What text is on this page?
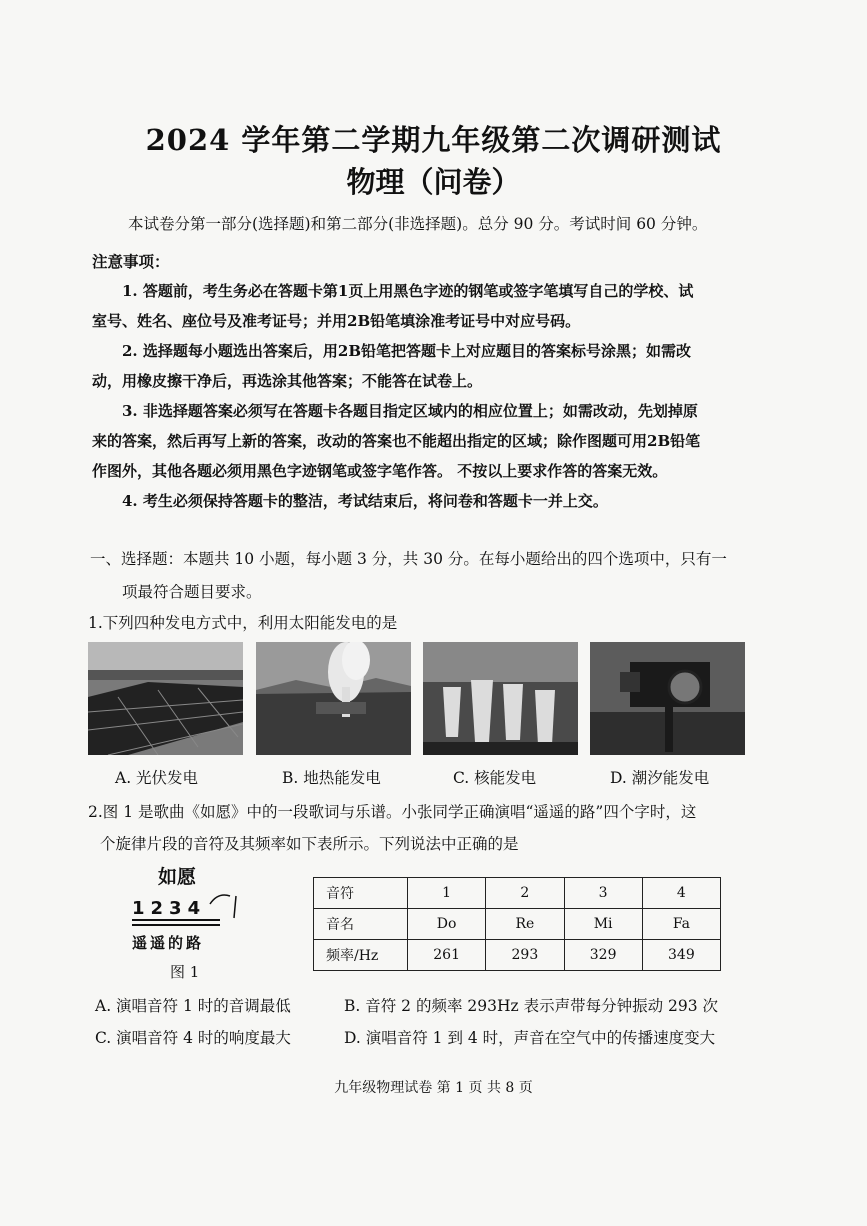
2024 学年第二学期九年级第二次调研测试
物理（问卷）
本试卷分第一部分(选择题)和第二部分(非选择题)。总分 90 分。考试时间 60 分钟。
注意事项：
1. 答题前，考生务必在答题卡第1页上用黑色字迹的钢笔或签字笔填写自己的学校、试
室号、姓名、座位号及准考证号；并用2B铅笔填涂准考证号中对应号码。
2. 选择题每小题选出答案后，用2B铅笔把答题卡上对应题目的答案标号涂黑；如需改
动，用橡皮擦干净后，再选涂其他答案；不能答在试卷上。
3. 非选择题答案必须写在答题卡各题目指定区域内的相应位置上；如需改动，先划掉原
来的答案，然后再写上新的答案，改动的答案也不能超出指定的区域；除作图题可用2B铅笔
作图外，其他各题必须用黑色字迹钢笔或签字笔作答。 不按以上要求作答的答案无效。
4. 考生必须保持答题卡的整洁，考试结束后，将问卷和答题卡一并上交。
一、选择题：本题共 10 小题，每小题 3 分，共 30 分。在每小题给出的四个选项中，只有一
项最符合题目要求。
1.下列四种发电方式中，利用太阳能发电的是
A. 光伏发电	B. 地热能发电	C. 核能发电	D. 潮汐能发电
2.图 1 是歌曲《如愿》中的一段歌词与乐谱。小张同学正确演唱“遥遥的路”四个字时，这
个旋律片段的音符及其频率如下表所示。下列说法中正确的是
如愿
1234
遥遥的路
图 1
音符	1	2	3	4
音名	Do	Re	Mi	Fa
频率/Hz	261	293	329	349
A. 演唱音符 1 时的音调最低	B. 音符 2 的频率 293Hz 表示声带每分钟振动 293 次
C. 演唱音符 4 时的响度最大	D. 演唱音符 1 到 4 时，声音在空气中的传播速度变大
九年级物理试卷 第 1 页 共 8 页
